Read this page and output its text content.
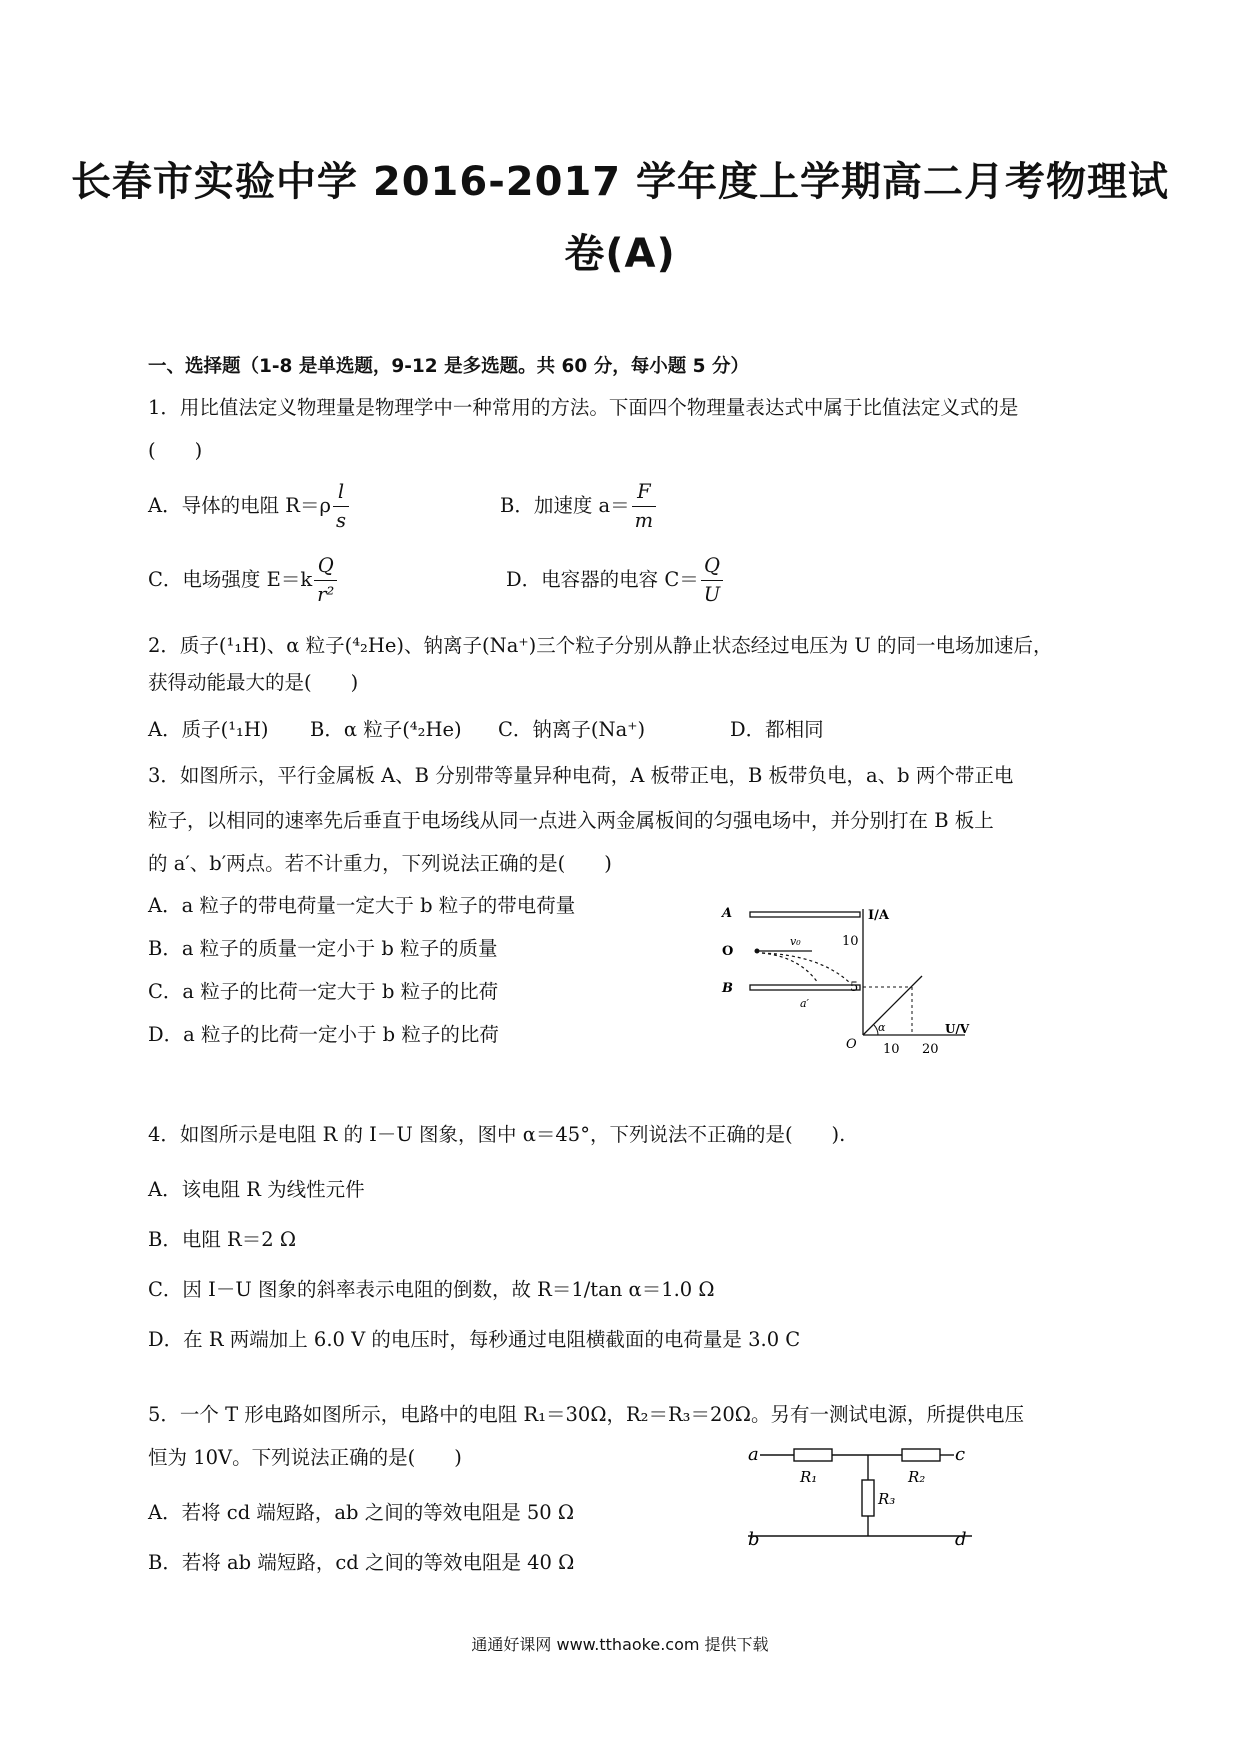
长春市实验中学 2016-2017 学年度上学期高二月考物理试
卷(A)
一、选择题（1-8 是单选题，9-12 是多选题。共 60 分，每小题 5 分）
1．用比值法定义物理量是物理学中一种常用的方法。下面四个物理量表达式中属于比值法定义式的是
(　　)
A．导体的电阻 $R=\rho \frac{l}{s}$	B．加速度 $a= \frac{F}{m}$
C．电场强度 $E=k \frac{Q}{\text{r²}}$	D．电容器的电容 $C= \frac{Q}{U}$
2．质子(¹₁H)、α 粒子(⁴₂He)、钠离子(Na⁺)三个粒子分别从静止状态经过电压为 U 的同一电场加速后，
获得动能最大的是(　　)
A．质子(¹₁H) B．α 粒子(⁴₂He) C．钠离子(Na⁺)	D．都相同
3．如图所示，平行金属板 A、B 分别带等量异种电荷，A 板带正电，B 板带负电，a、b 两个带正电
粒子，以相同的速率先后垂直于电场线从同一点进入两金属板间的匀强电场中，并分别打在 B 板上
的 a′、b′两点。若不计重力，下列说法正确的是(　　)
A．a 粒子的带电荷量一定大于 b 粒子的带电荷量
B．a 粒子的质量一定小于 b 粒子的质量
C．a 粒子的比荷一定大于 b 粒子的比荷
D．a 粒子的比荷一定小于 b 粒子的比荷
A
O
v₀
B
a′
I/A
U/V
10
5
10 20
O
α
4．如图所示是电阻 R 的 I－U 图象，图中 α＝45°，下列说法不正确的是(　　).
A．该电阻 R 为线性元件
B．电阻 R＝2 Ω
C．因 I－U 图象的斜率表示电阻的倒数，故 R＝1/tan α＝1.0 Ω
D．在 R 两端加上 6.0 V 的电压时，每秒通过电阻横截面的电荷量是 3.0 C
5．一个 T 形电路如图所示，电路中的电阻 R₁＝30Ω，R₂＝R₃＝20Ω。另有一测试电源，所提供电压
恒为 10V。下列说法正确的是(　　)
A．若将 cd 端短路，ab 之间的等效电阻是 50 Ω
B．若将 ab 端短路，cd 之间的等效电阻是 40 Ω
a	c
b	d
R₁	R₂
R₃
通通好课网 www.tthaoke.com 提供下载
